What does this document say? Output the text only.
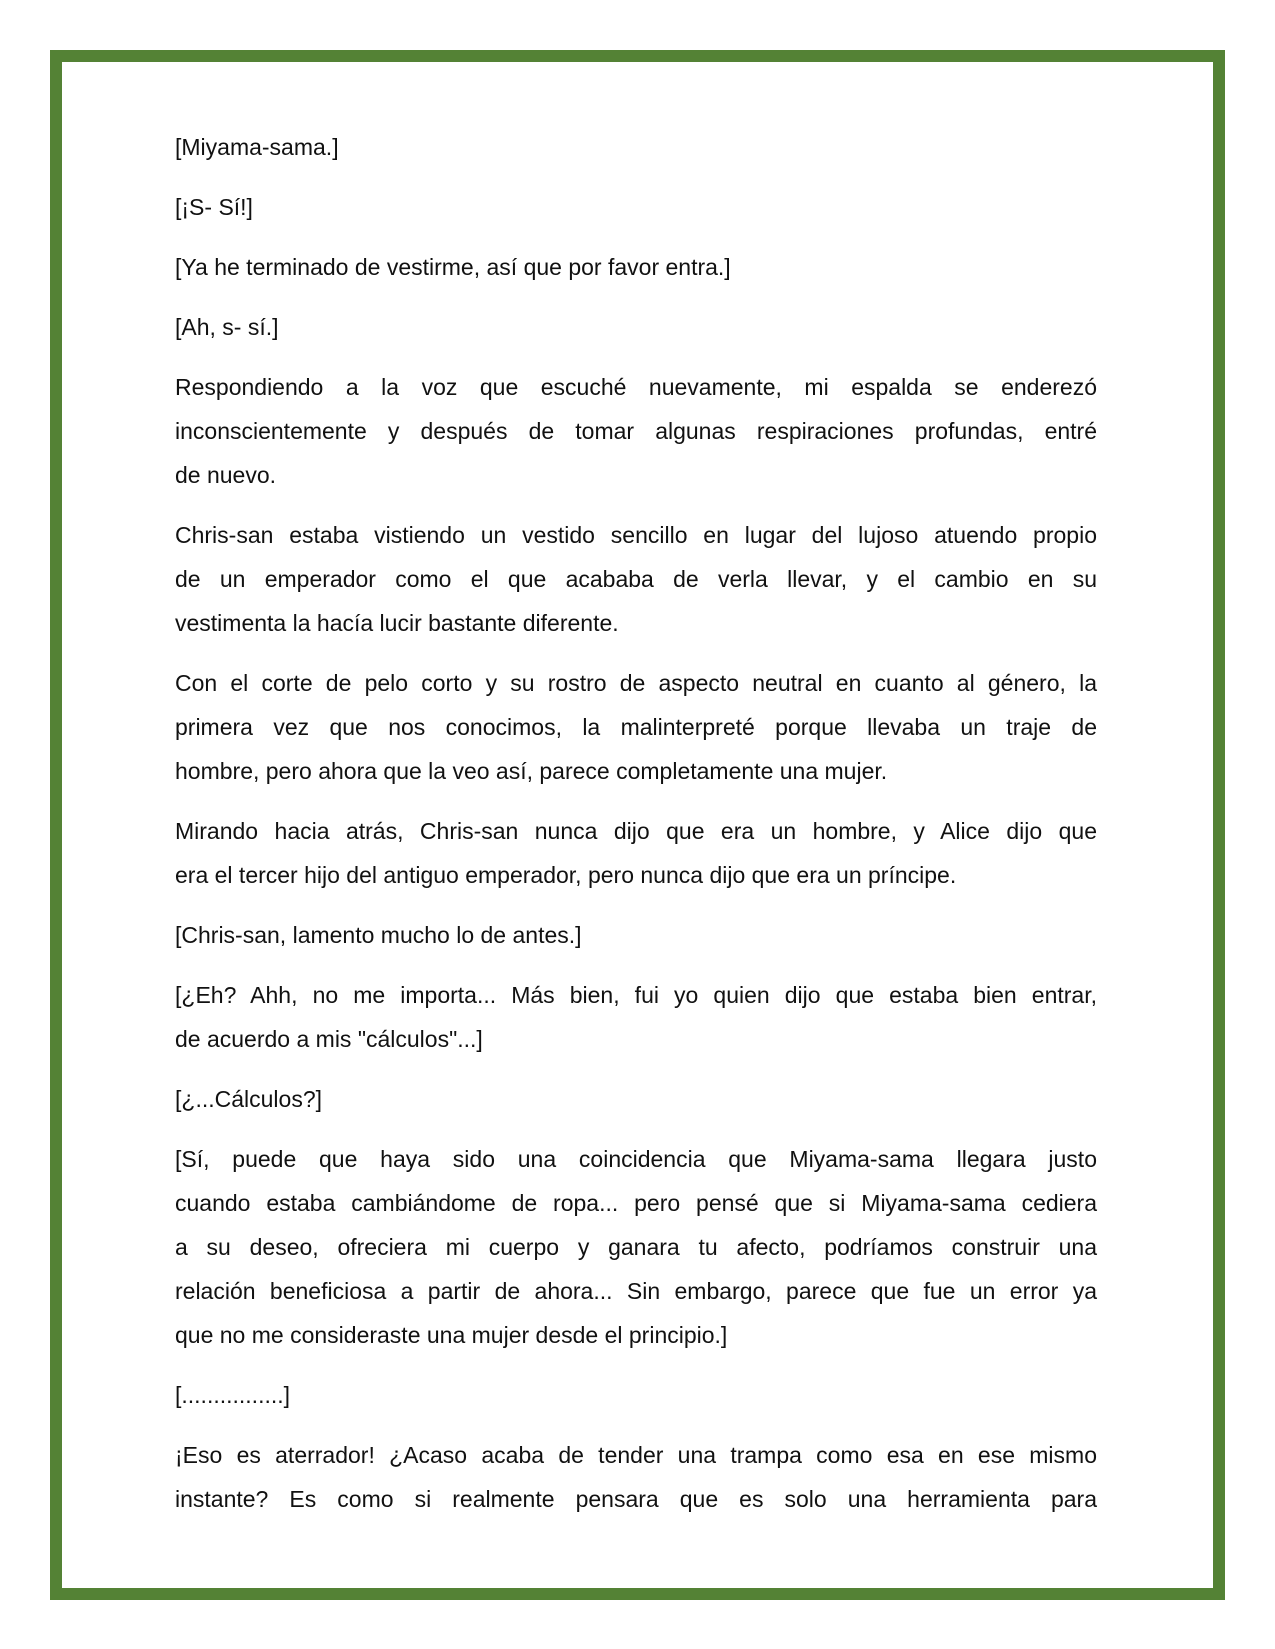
[Miyama-sama.]

[¡S- Sí!]

[Ya he terminado de vestirme, así que por favor entra.]

[Ah, s- sí.]

Respondiendo a la voz que escuché nuevamente, mi espalda se enderezó
inconscientemente y después de tomar algunas respiraciones profundas, entré
de nuevo.

Chris-san estaba vistiendo un vestido sencillo en lugar del lujoso atuendo propio
de un emperador como el que acababa de verla llevar, y el cambio en su
vestimenta la hacía lucir bastante diferente.

Con el corte de pelo corto y su rostro de aspecto neutral en cuanto al género, la
primera vez que nos conocimos, la malinterpreté porque llevaba un traje de
hombre, pero ahora que la veo así, parece completamente una mujer.

Mirando hacia atrás, Chris-san nunca dijo que era un hombre, y Alice dijo que
era el tercer hijo del antiguo emperador, pero nunca dijo que era un príncipe.

[Chris-san, lamento mucho lo de antes.]

[¿Eh? Ahh, no me importa... Más bien, fui yo quien dijo que estaba bien entrar,
de acuerdo a mis "cálculos"...]

[¿...Cálculos?]

[Sí, puede que haya sido una coincidencia que Miyama-sama llegara justo
cuando estaba cambiándome de ropa... pero pensé que si Miyama-sama cediera
a su deseo, ofreciera mi cuerpo y ganara tu afecto, podríamos construir una
relación beneficiosa a partir de ahora... Sin embargo, parece que fue un error ya
que no me consideraste una mujer desde el principio.]

[................]

¡Eso es aterrador! ¿Acaso acaba de tender una trampa como esa en ese mismo
instante? Es como si realmente pensara que es solo una herramienta para
